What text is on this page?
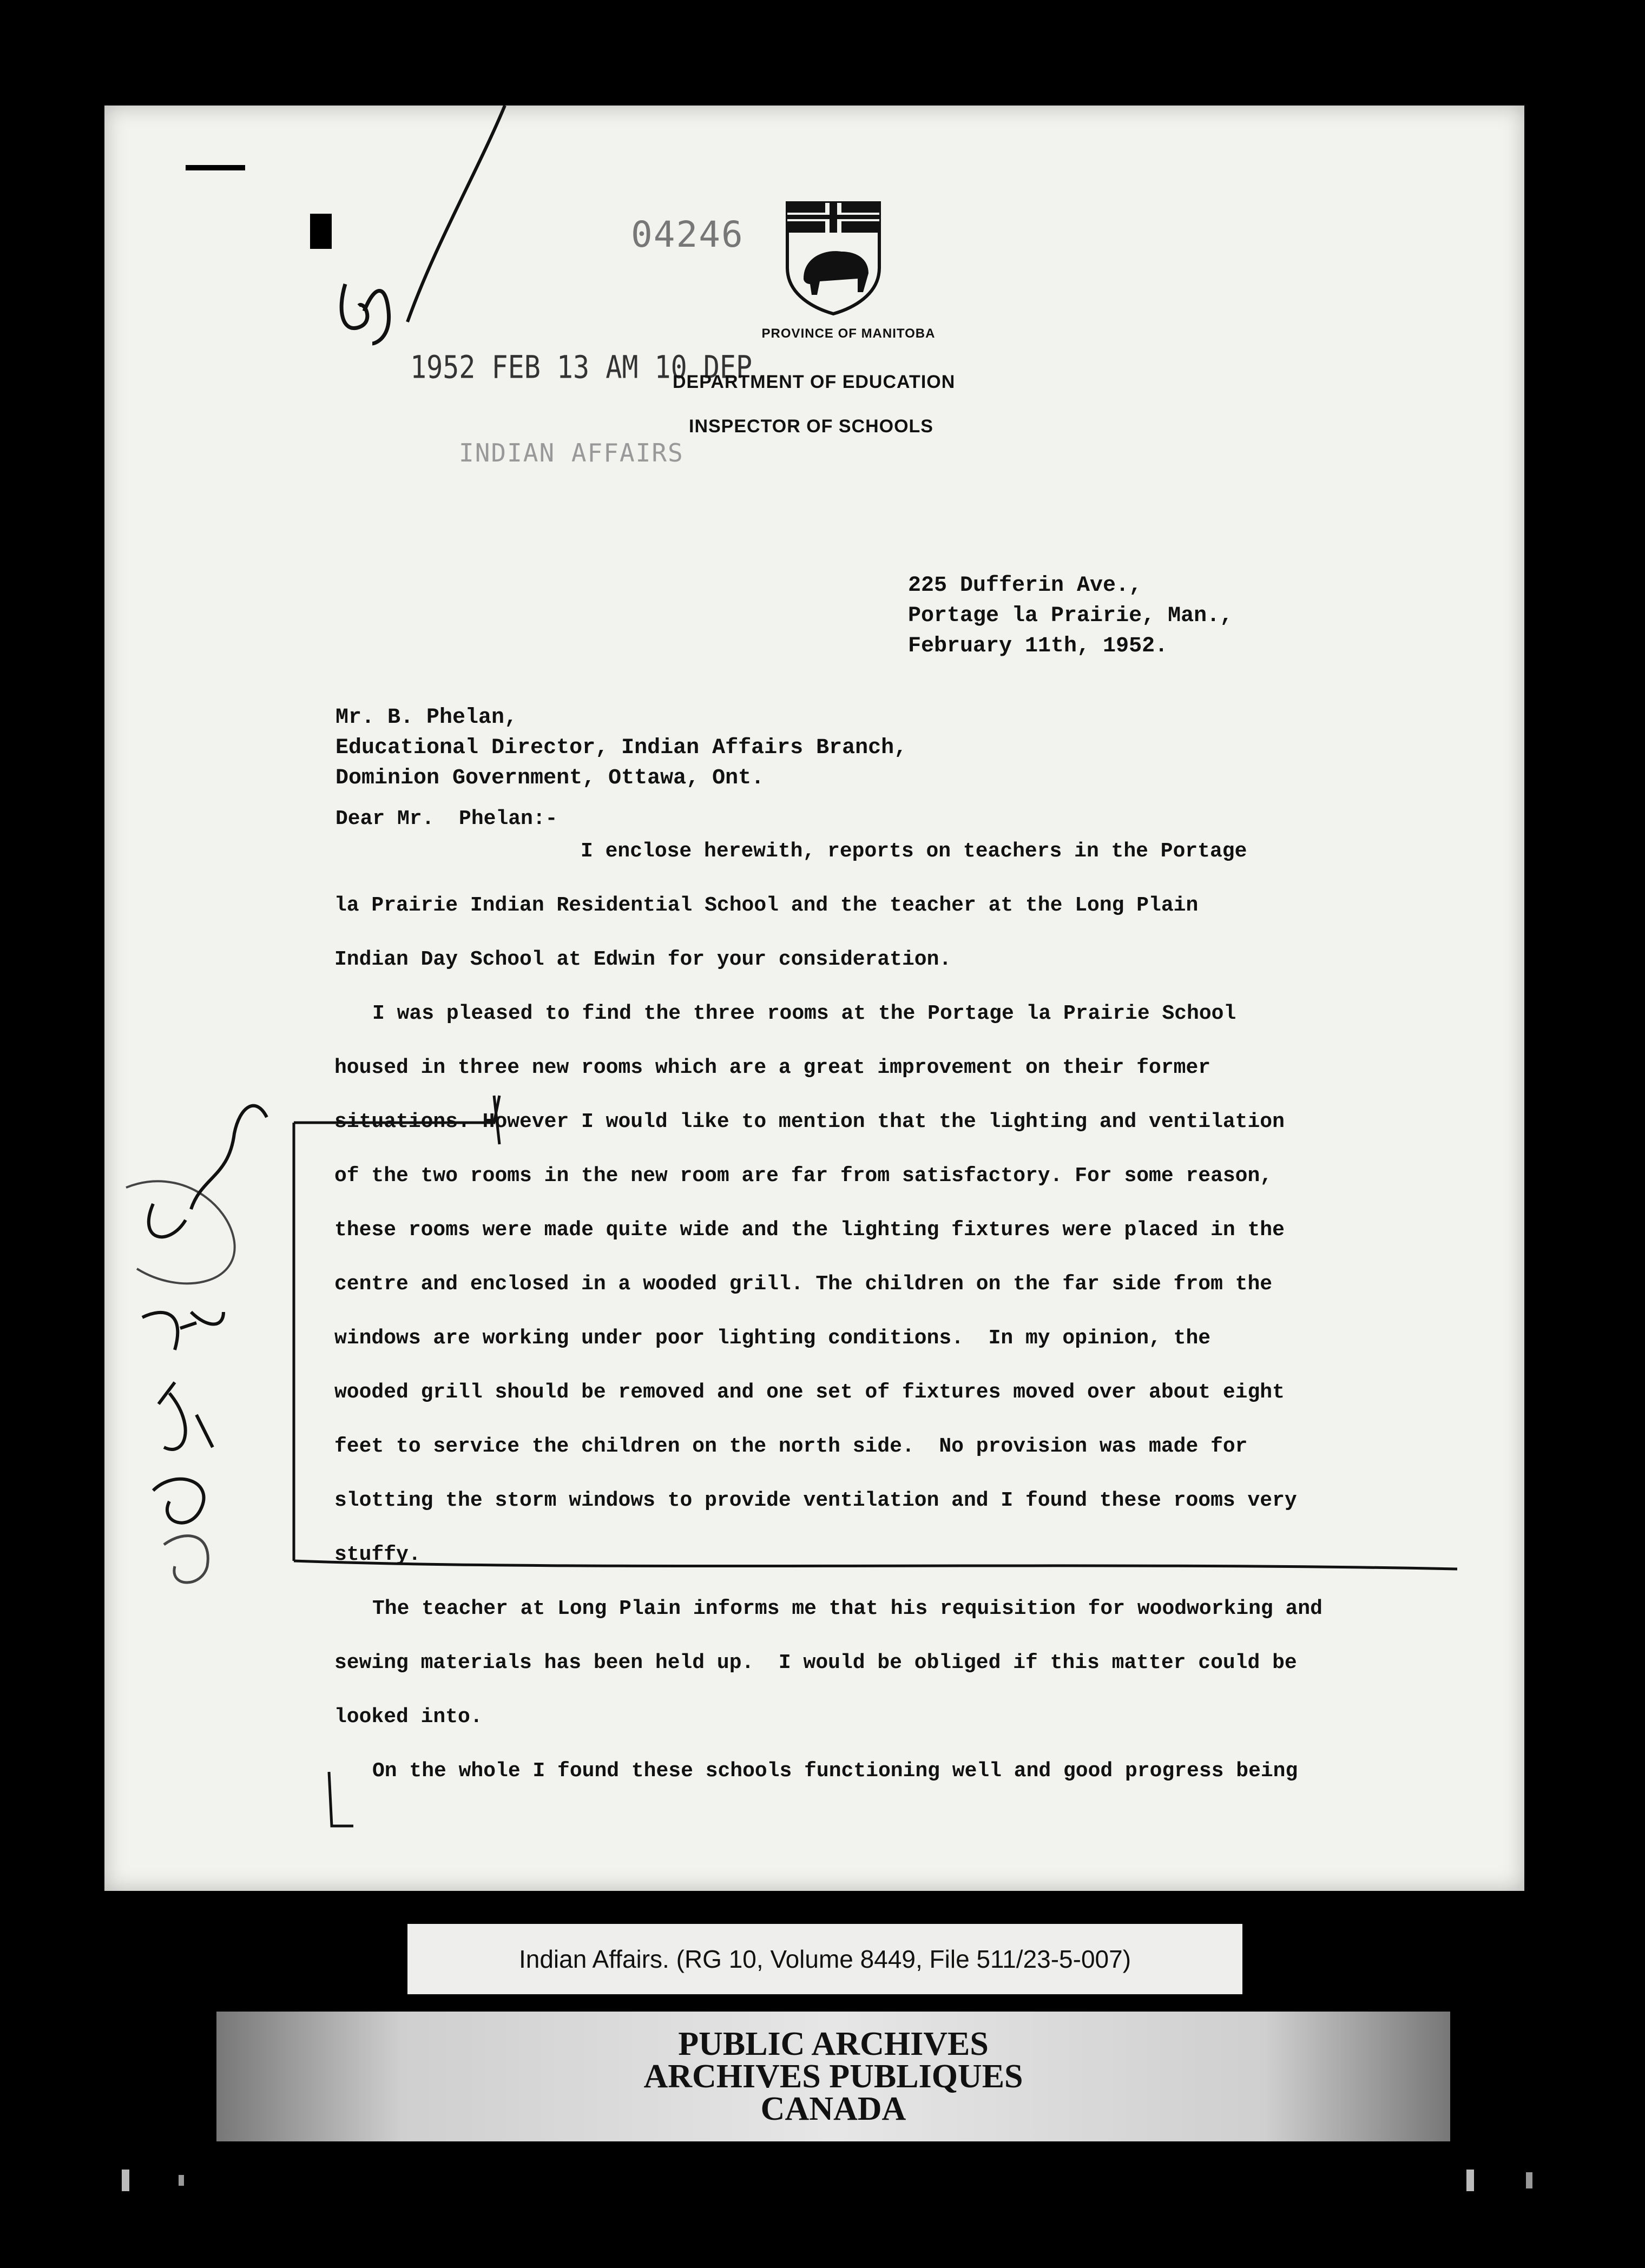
04246
PROVINCE OF MANITOBA
1952 FEB 13 AM 10 DEP
DEPARTMENT OF EDUCATION
INSPECTOR OF SCHOOLS
INDIAN AFFAIRS
225 Dufferin Ave.,
Portage la Prairie, Man.,
February 11th, 1952.
Mr. B. Phelan,
Educational Director, Indian Affairs Branch,
Dominion Government, Ottawa, Ont.
Dear Mr.  Phelan:-
I enclose herewith, reports on teachers in the Portage
la Prairie Indian Residential School and the teacher at the Long Plain
Indian Day School at Edwin for your consideration.
I was pleased to find the three rooms at the Portage la Prairie School
housed in three new rooms which are a great improvement on their former
situations. However I would like to mention that the lighting and ventilation
of the two rooms in the new room are far from satisfactory. For some reason,
these rooms were made quite wide and the lighting fixtures were placed in the
centre and enclosed in a wooded grill. The children on the far side from the
windows are working under poor lighting conditions.  In my opinion, the
wooded grill should be removed and one set of fixtures moved over about eight
feet to service the children on the north side.  No provision was made for
slotting the storm windows to provide ventilation and I found these rooms very
stuffy.
The teacher at Long Plain informs me that his requisition for woodworking and
sewing materials has been held up.  I would be obliged if this matter could be
looked into.
On the whole I found these schools functioning well and good progress being
Indian Affairs. (RG 10, Volume 8449, File 511/23-5-007)
PUBLIC ARCHIVES
ARCHIVES PUBLIQUES
CANADA
